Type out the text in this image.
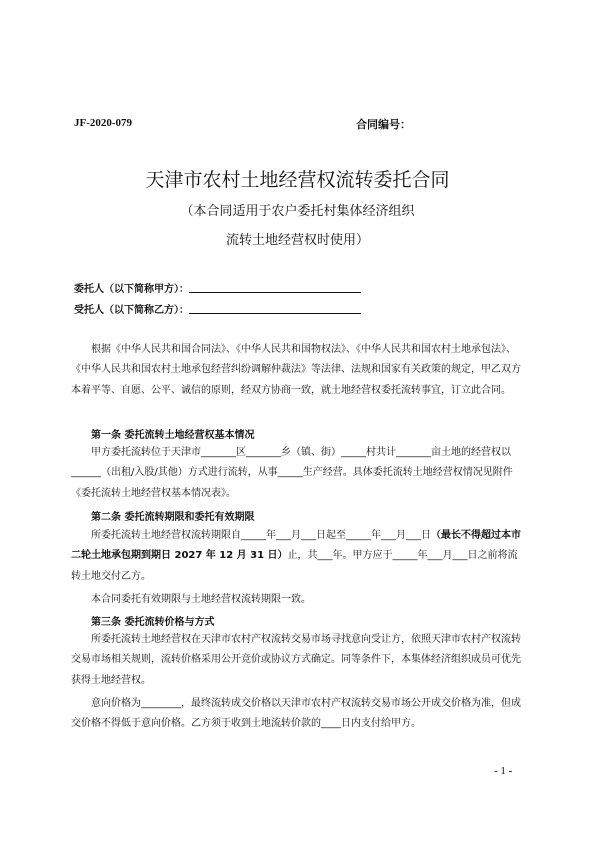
JF-2020-079	合同编号：
天津市农村土地经营权流转委托合同
（本合同适用于农户委托村集体经济组织
流转土地经营权时使用）
委托人（以下简称甲方）：
受托人（以下简称乙方）：
根据《中华人民共和国合同法》、《中华人民共和国物权法》、《中华人民共和国农村土地承包法》、《中华人民共和国农村土地承包经营纠纷调解仲裁法》等法律、法规和国家有关政策的规定，甲乙双方本着平等、自愿、公平、诚信的原则，经双方协商一致，就土地经营权委托流转事宜，订立此合同。
第一条 委托流转土地经营权基本情况
甲方委托流转位于天津市_______区_______乡（镇、街）_____村共计_______亩土地的经营权以______（出租/入股/其他）方式进行流转，从事_____生产经营。具体委托流转土地经营权情况见附件《委托流转土地经营权基本情况表》。
第二条 委托流转期限和委托有效期限
所委托流转土地经营权流转期限自_____年___月___日起至_____年___月___日（最长不得超过本市二轮土地承包期到期日 2027 年 12 月 31 日）止，共___年。甲方应于_____年___月___日之前将流转土地交付乙方。
本合同委托有效期限与土地经营权流转期限一致。
第三条 委托流转价格与方式
所委托流转土地经营权在天津市农村产权流转交易市场寻找意向受让方，依照天津市农村产权流转交易市场相关规则，流转价格采用公开竞价或协议方式确定。同等条件下，本集体经济组织成员可优先获得土地经营权。
意向价格为________，最终流转成交价格以天津市农村产权流转交易市场公开成交价格为准，但成交价格不得低于意向价格。乙方须于收到土地流转价款的____日内支付给甲方。
- 1 -
